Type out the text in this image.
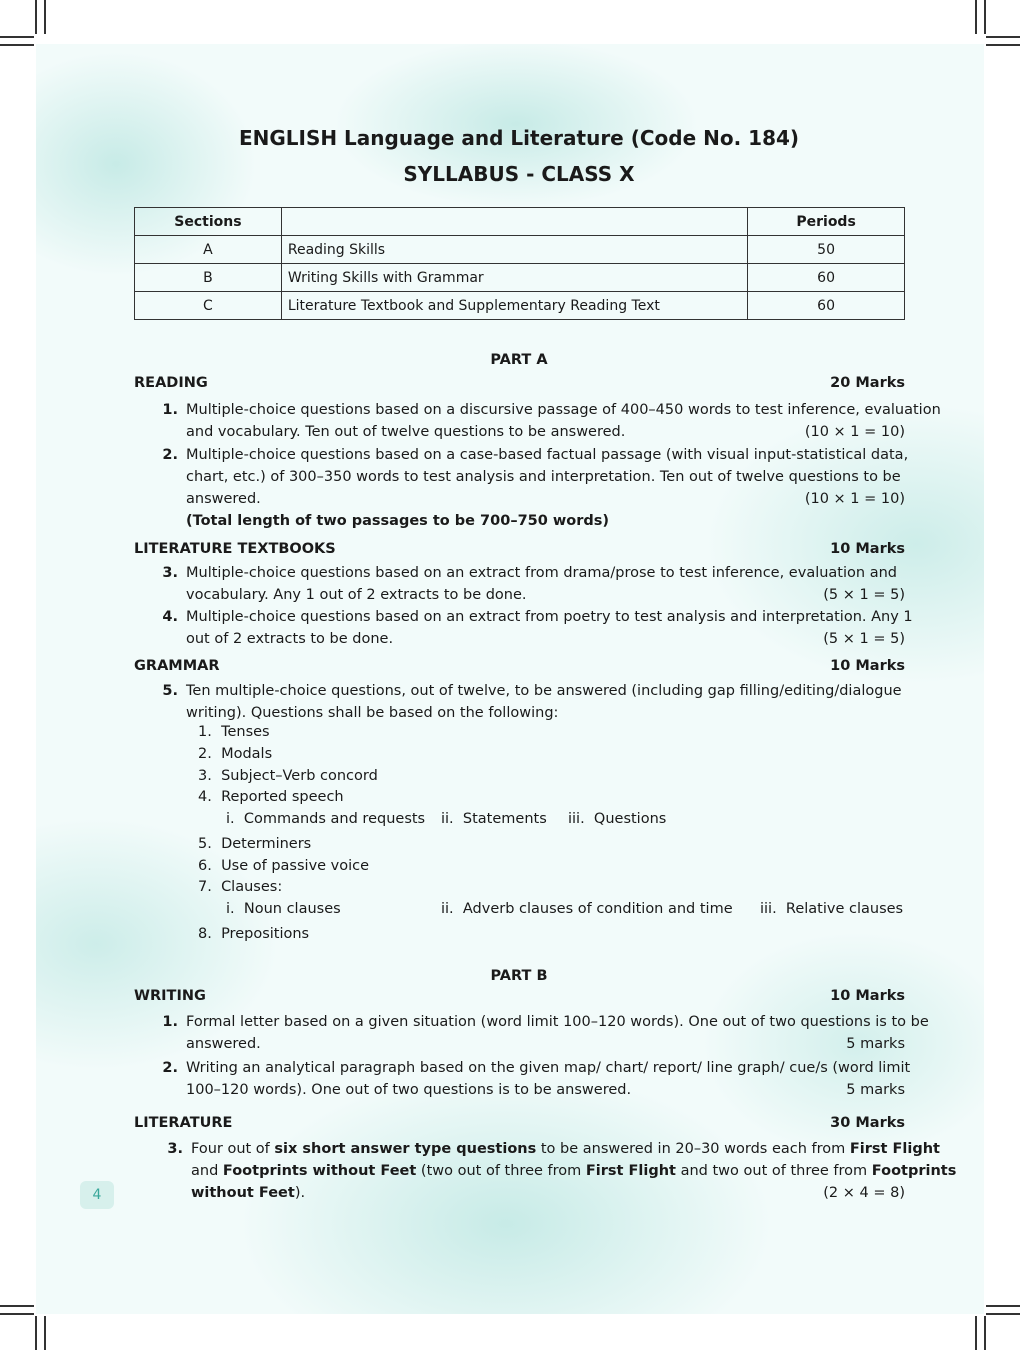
ENGLISH Language and Literature (Code No. 184)
SYLLABUS - CLASS X
Sections		Periods
A	Reading Skills	50
B	Writing Skills with Grammar	60
C	Literature Textbook and Supplementary Reading Text	60
PART A
READING	20 Marks
1. Multiple-choice questions based on a discursive passage of 400–450 words to test inference, evaluation
and vocabulary. Ten out of twelve questions to be answered.	(10 × 1 = 10)
2. Multiple-choice questions based on a case-based factual passage (with visual input-statistical data,
chart, etc.) of 300–350 words to test analysis and interpretation. Ten out of twelve questions to be
answered.	(10 × 1 = 10)
(Total length of two passages to be 700–750 words)
LITERATURE TEXTBOOKS	10 Marks
3. Multiple-choice questions based on an extract from drama/prose to test inference, evaluation and
vocabulary. Any 1 out of 2 extracts to be done.	(5 × 1 = 5)
4. Multiple-choice questions based on an extract from poetry to test analysis and interpretation. Any 1
out of 2 extracts to be done.	(5 × 1 = 5)
GRAMMAR	10 Marks
5. Ten multiple-choice questions, out of twelve, to be answered (including gap filling/editing/dialogue
writing). Questions shall be based on the following:
1. Tenses
2. Modals
3. Subject–Verb concord
4. Reported speech
i. Commands and requests ii. Statements iii. Questions
5. Determiners
6. Use of passive voice
7. Clauses:
i. Noun clauses	ii. Adverb clauses of condition and time iii. Relative clauses
8. Prepositions
PART B
WRITING	10 Marks
1. Formal letter based on a given situation (word limit 100–120 words). One out of two questions is to be
answered.	5 marks
2. Writing an analytical paragraph based on the given map/ chart/ report/ line graph/ cue/s (word limit
100–120 words). One out of two questions is to be answered.	5 marks
LITERATURE	30 Marks
3. Four out of six short answer type questions to be answered in 20–30 words each from First Flight
and Footprints without Feet (two out of three from First Flight and two out of three from Footprints
without Feet).	(2 × 4 = 8)
4
